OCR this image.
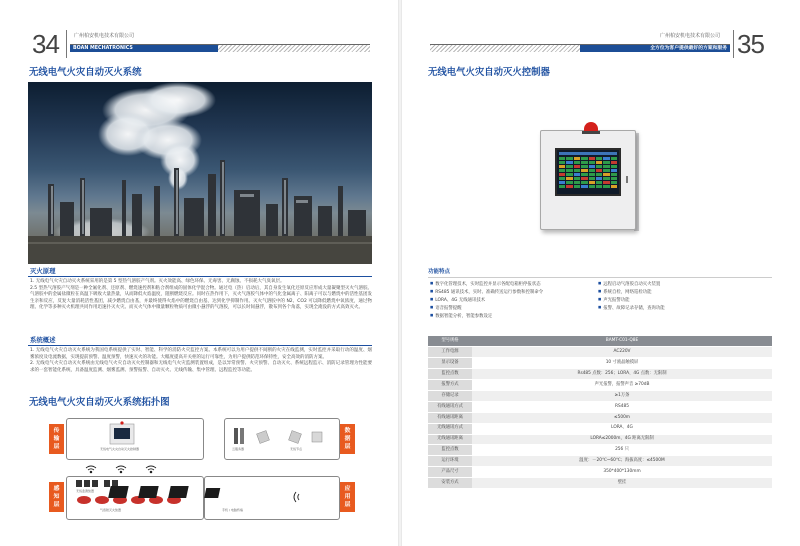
34	广州柏安机电技术有限公司
BOAN MECHATRONICS
无线电气火灾自动灭火系统
灭火原理

1. 无线电气火灾自动灭火系统采用的是第 5 型热气溶胶产气剂。灭火效能高、绿色环保、无毒害、无腐蚀、不损耗大气臭氧层。

2.5 型热气溶胶产气剂是一种全氟化剂、还原剂、燃烧速控剂和粘合剂组成的固体化学混合物。通过电（热）启动后，其自身发生氧化还原反应形成大量凝聚型灭火气溶胶。气溶胶中的金属盐微粒在高温下吸收大量热量，从而降低火焰温度，阻断燃烧反应。同时在热作用下，灭火气溶胶气体中的气化金属离子、阳离子可以与燃烧中的活性基团发生亲和反应，反复大量消耗活性基团，减少燃烧自由基，并最终使得火焰中的燃烧自由基，达到化学抑制作用。灭火气溶胶中的 N2、CO2 可以降低燃烧中氧浓度，通过物理、化学等多种灭火机理共同作用迅速扑灭火灾。而灭火气体中微量颗粒物质可由微小悬浮的气溶胶，可以长时间悬浮，散布到各个角落，实现全淹没的方式高效灭火。

系统概述

1. 无线电气火灾自动灭火系统为我国电系统提供了实时、智能、科学的消防火灾监控方案。本系统可以为用户提供不间断的火灾在线监测，实时监控并采取行动的温度、烟雾浓度及电流数据，实现提前预警、温度预警，快速灭火的功能。大幅度提高开关柜的运行可靠性，为用户提供防范环保特性，安全高效的消防方案。

2. 无线电气火灾自动灭火系统由无线电气火灾自动灭火控制器和无线电气火灾监测装置组成，是以异常预警、火灾预警、自动灭火、系统远程监示、消防记录管理为性能要求的一套智能化系统，具备温度监测、烟雾监测、预警报警、自动灭火、无线传输、集中管理、远程监控等功能。

无线电气火灾自动灭火系统拓扑图
传
输
层
数
据
层
感
知
层
应
用
层
无线电气火灾自动灭火控制器	云服务器	无线节点
无线监测装置
气溶胶灭火装置	手机 / 电脑终端
广州柏安机电技术有限公司
全方位为客户提供最好的方案和服务 35
无线电气火灾自动灭火控制器
功能特点
■ 数字化管理技术，实时监控并显示各配电箱柜停报状态
■ RS485 通讯技术，实时、准确传送运行参数和控制命令
■ LORA、4G 无线通讯技术
■ 语音报警提醒
■ 数据智能分析，智能参数设定
■ 远程启动气溶胶自动灭火装置
■ 系统自检，网络巡检功能
■ 声光报警功能
■ 报警、故障记录存储，查询功能
型号规格	BAMT-C01-Q8E
工作电源	AC220V
显示设备	10 寸液晶触摸屏
监控点数	Rs485 点数：256；LORA、4G 点数：无限制
报警方式	声光报警，报警声音 ≥70dB
存储记录	≥1万条
有线通讯方式	RS485
有线通讯距离	≤500m
无线通讯方式	LORA、4G
无线通讯距离	LORA≤2000m，4G 距离无限制
监控点数	256 只
运行环境	温度：－20℃~60℃；海拔高度：≤4500M
产品尺寸	350*400*130mm
安装方式	壁挂
